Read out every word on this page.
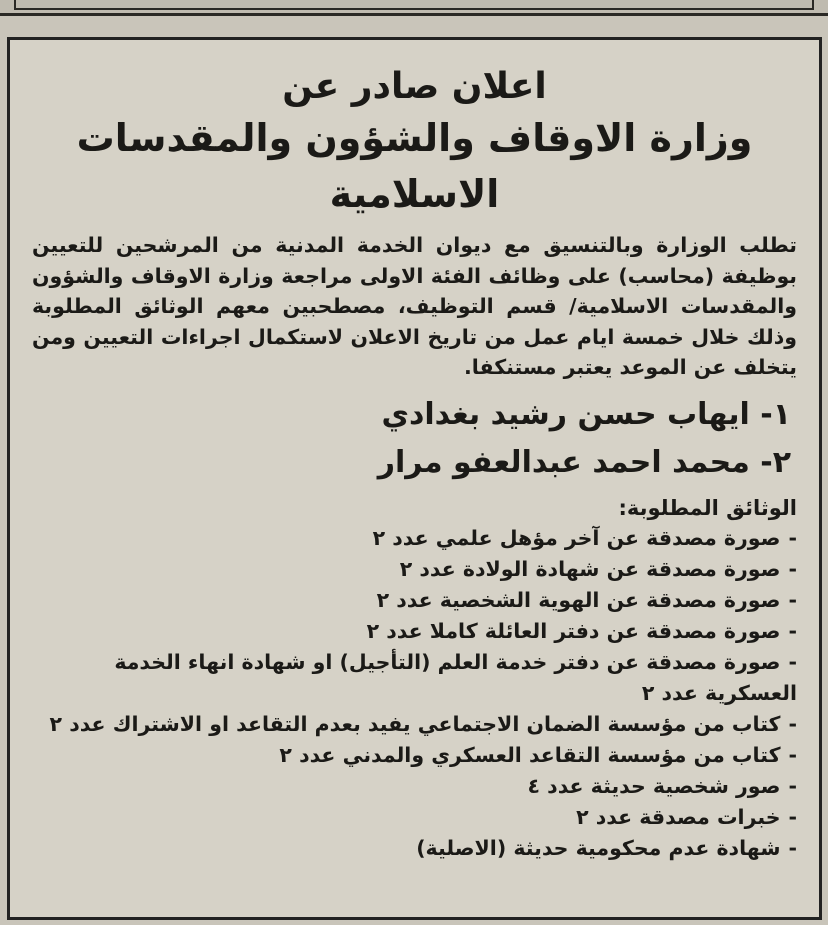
اعلان صادر عن
وزارة الاوقاف والشؤون والمقدسات الاسلامية

تطلب الوزارة وبالتنسيق مع ديوان الخدمة المدنية من المرشحين للتعيين بوظيفة (محاسب) على وظائف الفئة الاولى مراجعة وزارة الاوقاف والشؤون والمقدسات الاسلامية/ قسم التوظيف، مصطحبين معهم الوثائق المطلوبة وذلك خلال خمسة ايام عمل من تاريخ الاعلان لاستكمال اجراءات التعيين ومن يتخلف عن الموعد يعتبر مستنكفا.

١- ايهاب حسن رشيد بغدادي
٢- محمد احمد عبدالعفو مرار
الوثائق المطلوبة:
-صورة مصدقة عن آخر مؤهل علمي عدد ٢
-صورة مصدقة عن شهادة الولادة عدد ٢
-صورة مصدقة عن الهوية الشخصية عدد ٢
-صورة مصدقة عن دفتر العائلة كاملا عدد ٢
-صورة مصدقة عن دفتر خدمة العلم (التأجيل) او شهادة انهاء الخدمة العسكرية عدد ٢
-كتاب من مؤسسة الضمان الاجتماعي يفيد بعدم التقاعد او الاشتراك عدد ٢
-كتاب من مؤسسة التقاعد العسكري والمدني عدد ٢
-صور شخصية حديثة عدد ٤
-خبرات مصدقة عدد ٢
-شهادة عدم محكومية حديثة (الاصلية)
